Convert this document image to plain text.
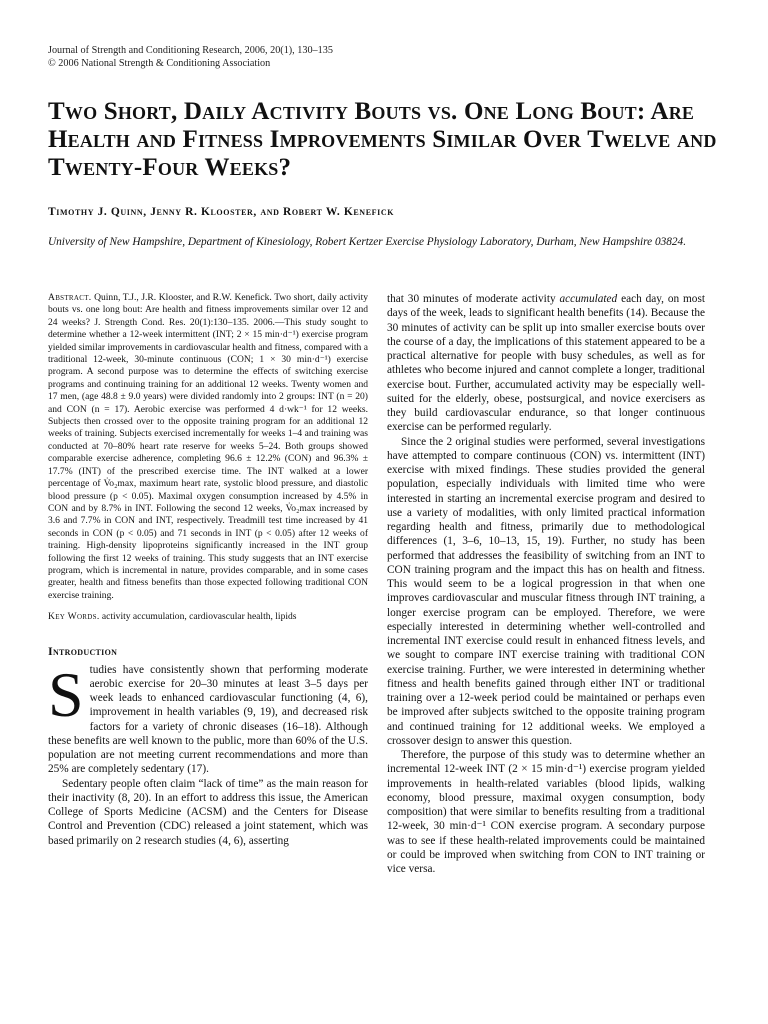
Journal of Strength and Conditioning Research, 2006, 20(1), 130–135
© 2006 National Strength & Conditioning Association
Two Short, Daily Activity Bouts vs. One Long Bout: Are Health and Fitness Improvements Similar Over Twelve and Twenty-Four Weeks?
Timothy J. Quinn, Jenny R. Klooster, and Robert W. Kenefick
University of New Hampshire, Department of Kinesiology, Robert Kertzer Exercise Physiology Laboratory, Durham, New Hampshire 03824.

Abstract. Quinn, T.J., J.R. Klooster, and R.W. Kenefick. Two short, daily activity bouts vs. one long bout: Are health and fitness improvements similar over 12 and 24 weeks? J. Strength Cond. Res. 20(1):130–135. 2006.—This study sought to determine whether a 12-week intermittent (INT; 2 × 15 min·d⁻¹) exercise program yielded similar improvements in cardiovascular health and fitness, compared with a traditional 12-week, 30-minute continuous (CON; 1 × 30 min·d⁻¹) exercise program. A second purpose was to determine the effects of switching exercise programs and continuing training for an additional 12 weeks. Twenty women and 17 men, (age 48.8 ± 9.0 years) were divided randomly into 2 groups: INT (n = 20) and CON (n = 17). Aerobic exercise was performed 4 d·wk⁻¹ for 12 weeks. Subjects then crossed over to the opposite training program for an additional 12 weeks of training. Subjects exercised incrementally for weeks 1–4 and training was conducted at 70–80% heart rate reserve for weeks 5–24. Both groups showed comparable exercise adherence, completing 96.6 ± 12.2% (CON) and 96.3% ± 17.7% (INT) of the prescribed exercise time. The INT walked at a lower percentage of V̇o₂max, maximum heart rate, systolic blood pressure, and diastolic blood pressure (p < 0.05). Maximal oxygen consumption increased by 4.5% in CON and by 8.7% in INT. Following the second 12 weeks, V̇o₂max increased by 3.6 and 7.7% in CON and INT, respectively. Treadmill test time increased by 41 seconds in CON (p < 0.05) and 71 seconds in INT (p < 0.05) after 12 weeks of training. High-density lipoproteins significantly increased in the INT group following the first 12 weeks of training. This study suggests that an INT exercise program, which is incremental in nature, provides comparable, and in some cases greater, health and fitness benefits than those expected following traditional CON exercise training.

Key Words. activity accumulation, cardiovascular health, lipids

Introduction

Studies have consistently shown that performing moderate aerobic exercise for 20–30 minutes at least 3–5 days per week leads to enhanced cardiovascular functioning (4, 6), improvement in health variables (9, 19), and decreased risk factors for a variety of chronic diseases (16–18). Although these benefits are well known to the public, more than 60% of the U.S. population are not meeting current recommendations and more than 25% are completely sedentary (17).

Sedentary people often claim “lack of time” as the main reason for their inactivity (8, 20). In an effort to address this issue, the American College of Sports Medicine (ACSM) and the Centers for Disease Control and Prevention (CDC) released a joint statement, which was based primarily on 2 research studies (4, 6), asserting

that 30 minutes of moderate activity accumulated each day, on most days of the week, leads to significant health benefits (14). Because the 30 minutes of activity can be split up into smaller exercise bouts over the course of a day, the implications of this statement appeared to be a practical alternative for people with busy schedules, as well as for athletes who become injured and cannot complete a longer, traditional exercise bout. Further, accumulated activity may be especially well-suited for the elderly, obese, postsurgical, and novice exercisers as they build cardiovascular endurance, so that longer continuous exercise can be performed regularly.

Since the 2 original studies were performed, several investigations have attempted to compare continuous (CON) vs. intermittent (INT) exercise with mixed findings. These studies provided the general population, especially individuals with limited time who were interested in starting an incremental exercise program and desired to use a variety of modalities, with only limited practical information regarding health and fitness, primarily due to methodological differences (1, 3–6, 10–13, 15, 19). Further, no study has been performed that addresses the feasibility of switching from an INT to CON training program and the impact this has on health and fitness. This would seem to be a logical progression in that when one improves cardiovascular and muscular fitness through INT training, a longer exercise program can be employed. Therefore, we were especially interested in determining whether well-controlled and incremental INT exercise could result in enhanced fitness levels, and we sought to compare INT exercise training with traditional CON exercise training. Further, we were interested in determining whether fitness and health benefits gained through either INT or traditional training over a 12-week period could be maintained or perhaps even be improved after subjects switched to the opposite training program and continued training for 12 additional weeks. We employed a crossover design to answer this question.

Therefore, the purpose of this study was to determine whether an incremental 12-week INT (2 × 15 min·d⁻¹) exercise program yielded improvements in health-related variables (blood lipids, walking economy, blood pressure, maximal oxygen consumption, body composition) that were similar to benefits resulting from a traditional 12-week, 30 min·d⁻¹ CON exercise program. A secondary purpose was to see if these health-related improvements could be maintained or could be improved when switching from CON to INT training or vice versa.
